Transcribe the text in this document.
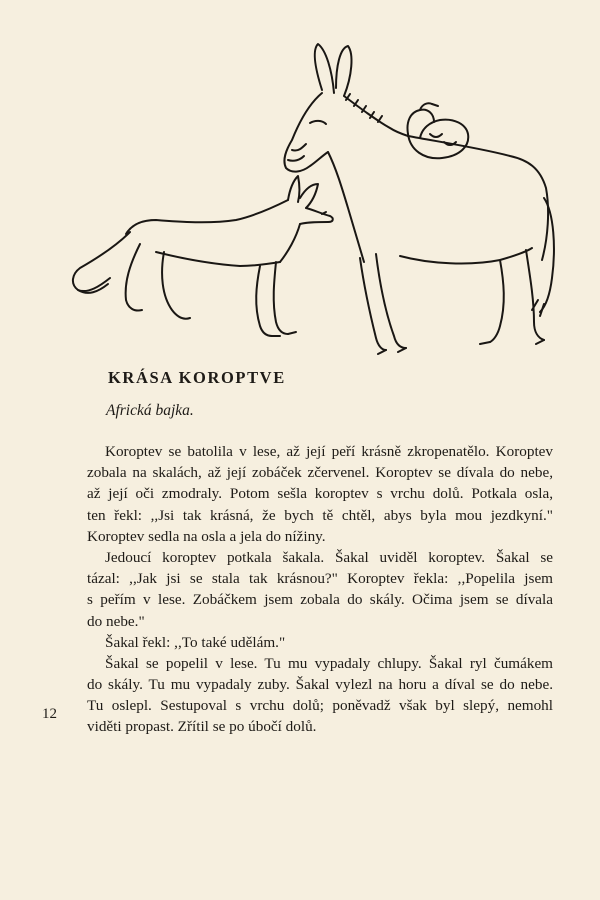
KRÁSA KOROPTVE

Africká bajka.

Koroptev se batolila v lese, až její peří krásně zkropenatělo. Koroptev
zobala na skalách, až její zobáček zčervenel. Koroptev se dívala do nebe,
až její oči zmodraly. Potom sešla koroptev s vrchu dolů. Potkala osla,
ten řekl: ,,Jsi tak krásná, že bych tě chtěl, abys byla mou jezdkyní."
Koroptev sedla na osla a jela do nížiny.
Jedoucí koroptev potkala šakala. Šakal uviděl koroptev. Šakal se
tázal: ,,Jak jsi se stala tak krásnou?" Koroptev řekla: ,,Popelila jsem
s peřím v lese. Zobáčkem jsem zobala do skály. Očima jsem se dívala
do nebe."
Šakal řekl: ,,To také udělám."
Šakal se popelil v lese. Tu mu vypadaly chlupy. Šakal ryl čumákem
do skály. Tu mu vypadaly zuby. Šakal vylezl na horu a díval se do nebe.
Tu oslepl. Sestupoval s vrchu dolů; poněvadž však byl slepý, nemohl
viděti propast. Zřítil se po úbočí dolů.
12
